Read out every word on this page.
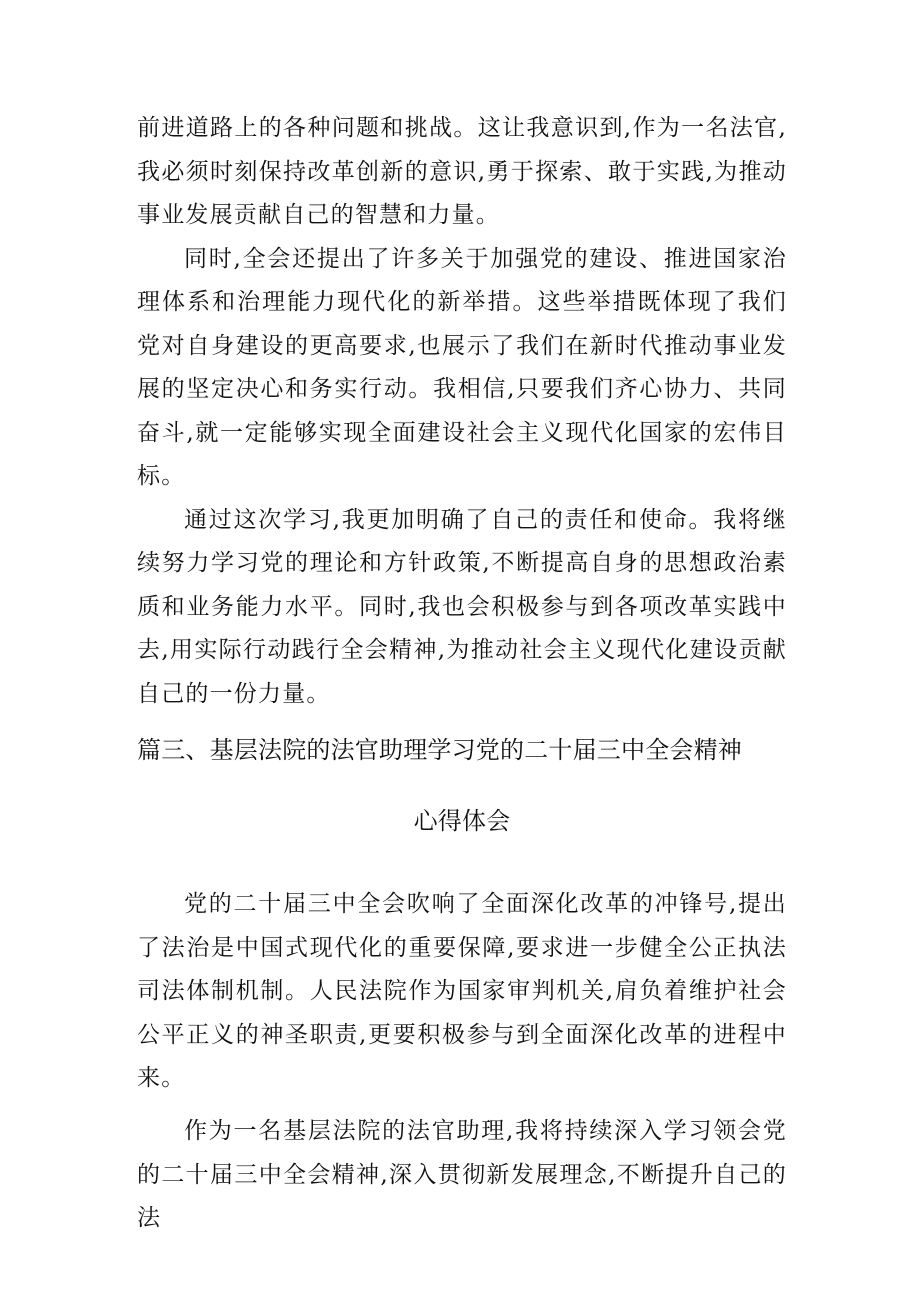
前进道路上的各种问题和挑战。这让我意识到,作为一名法官,我必须时刻保持改革创新的意识,勇于探索、敢于实践,为推动事业发展贡献自己的智慧和力量。

同时,全会还提出了许多关于加强党的建设、推进国家治理体系和治理能力现代化的新举措。这些举措既体现了我们党对自身建设的更高要求,也展示了我们在新时代推动事业发展的坚定决心和务实行动。我相信,只要我们齐心协力、共同奋斗,就一定能够实现全面建设社会主义现代化国家的宏伟目标。

通过这次学习,我更加明确了自己的责任和使命。我将继续努力学习党的理论和方针政策,不断提高自身的思想政治素质和业务能力水平。同时,我也会积极参与到各项改革实践中去,用实际行动践行全会精神,为推动社会主义现代化建设贡献自己的一份力量。

篇三、基层法院的法官助理学习党的二十届三中全会精神

心得体会

党的二十届三中全会吹响了全面深化改革的冲锋号,提出了法治是中国式现代化的重要保障,要求进一步健全公正执法司法体制机制。人民法院作为国家审判机关,肩负着维护社会公平正义的神圣职责,更要积极参与到全面深化改革的进程中来。

作为一名基层法院的法官助理,我将持续深入学习领会党的二十届三中全会精神,深入贯彻新发展理念,不断提升自己的法
